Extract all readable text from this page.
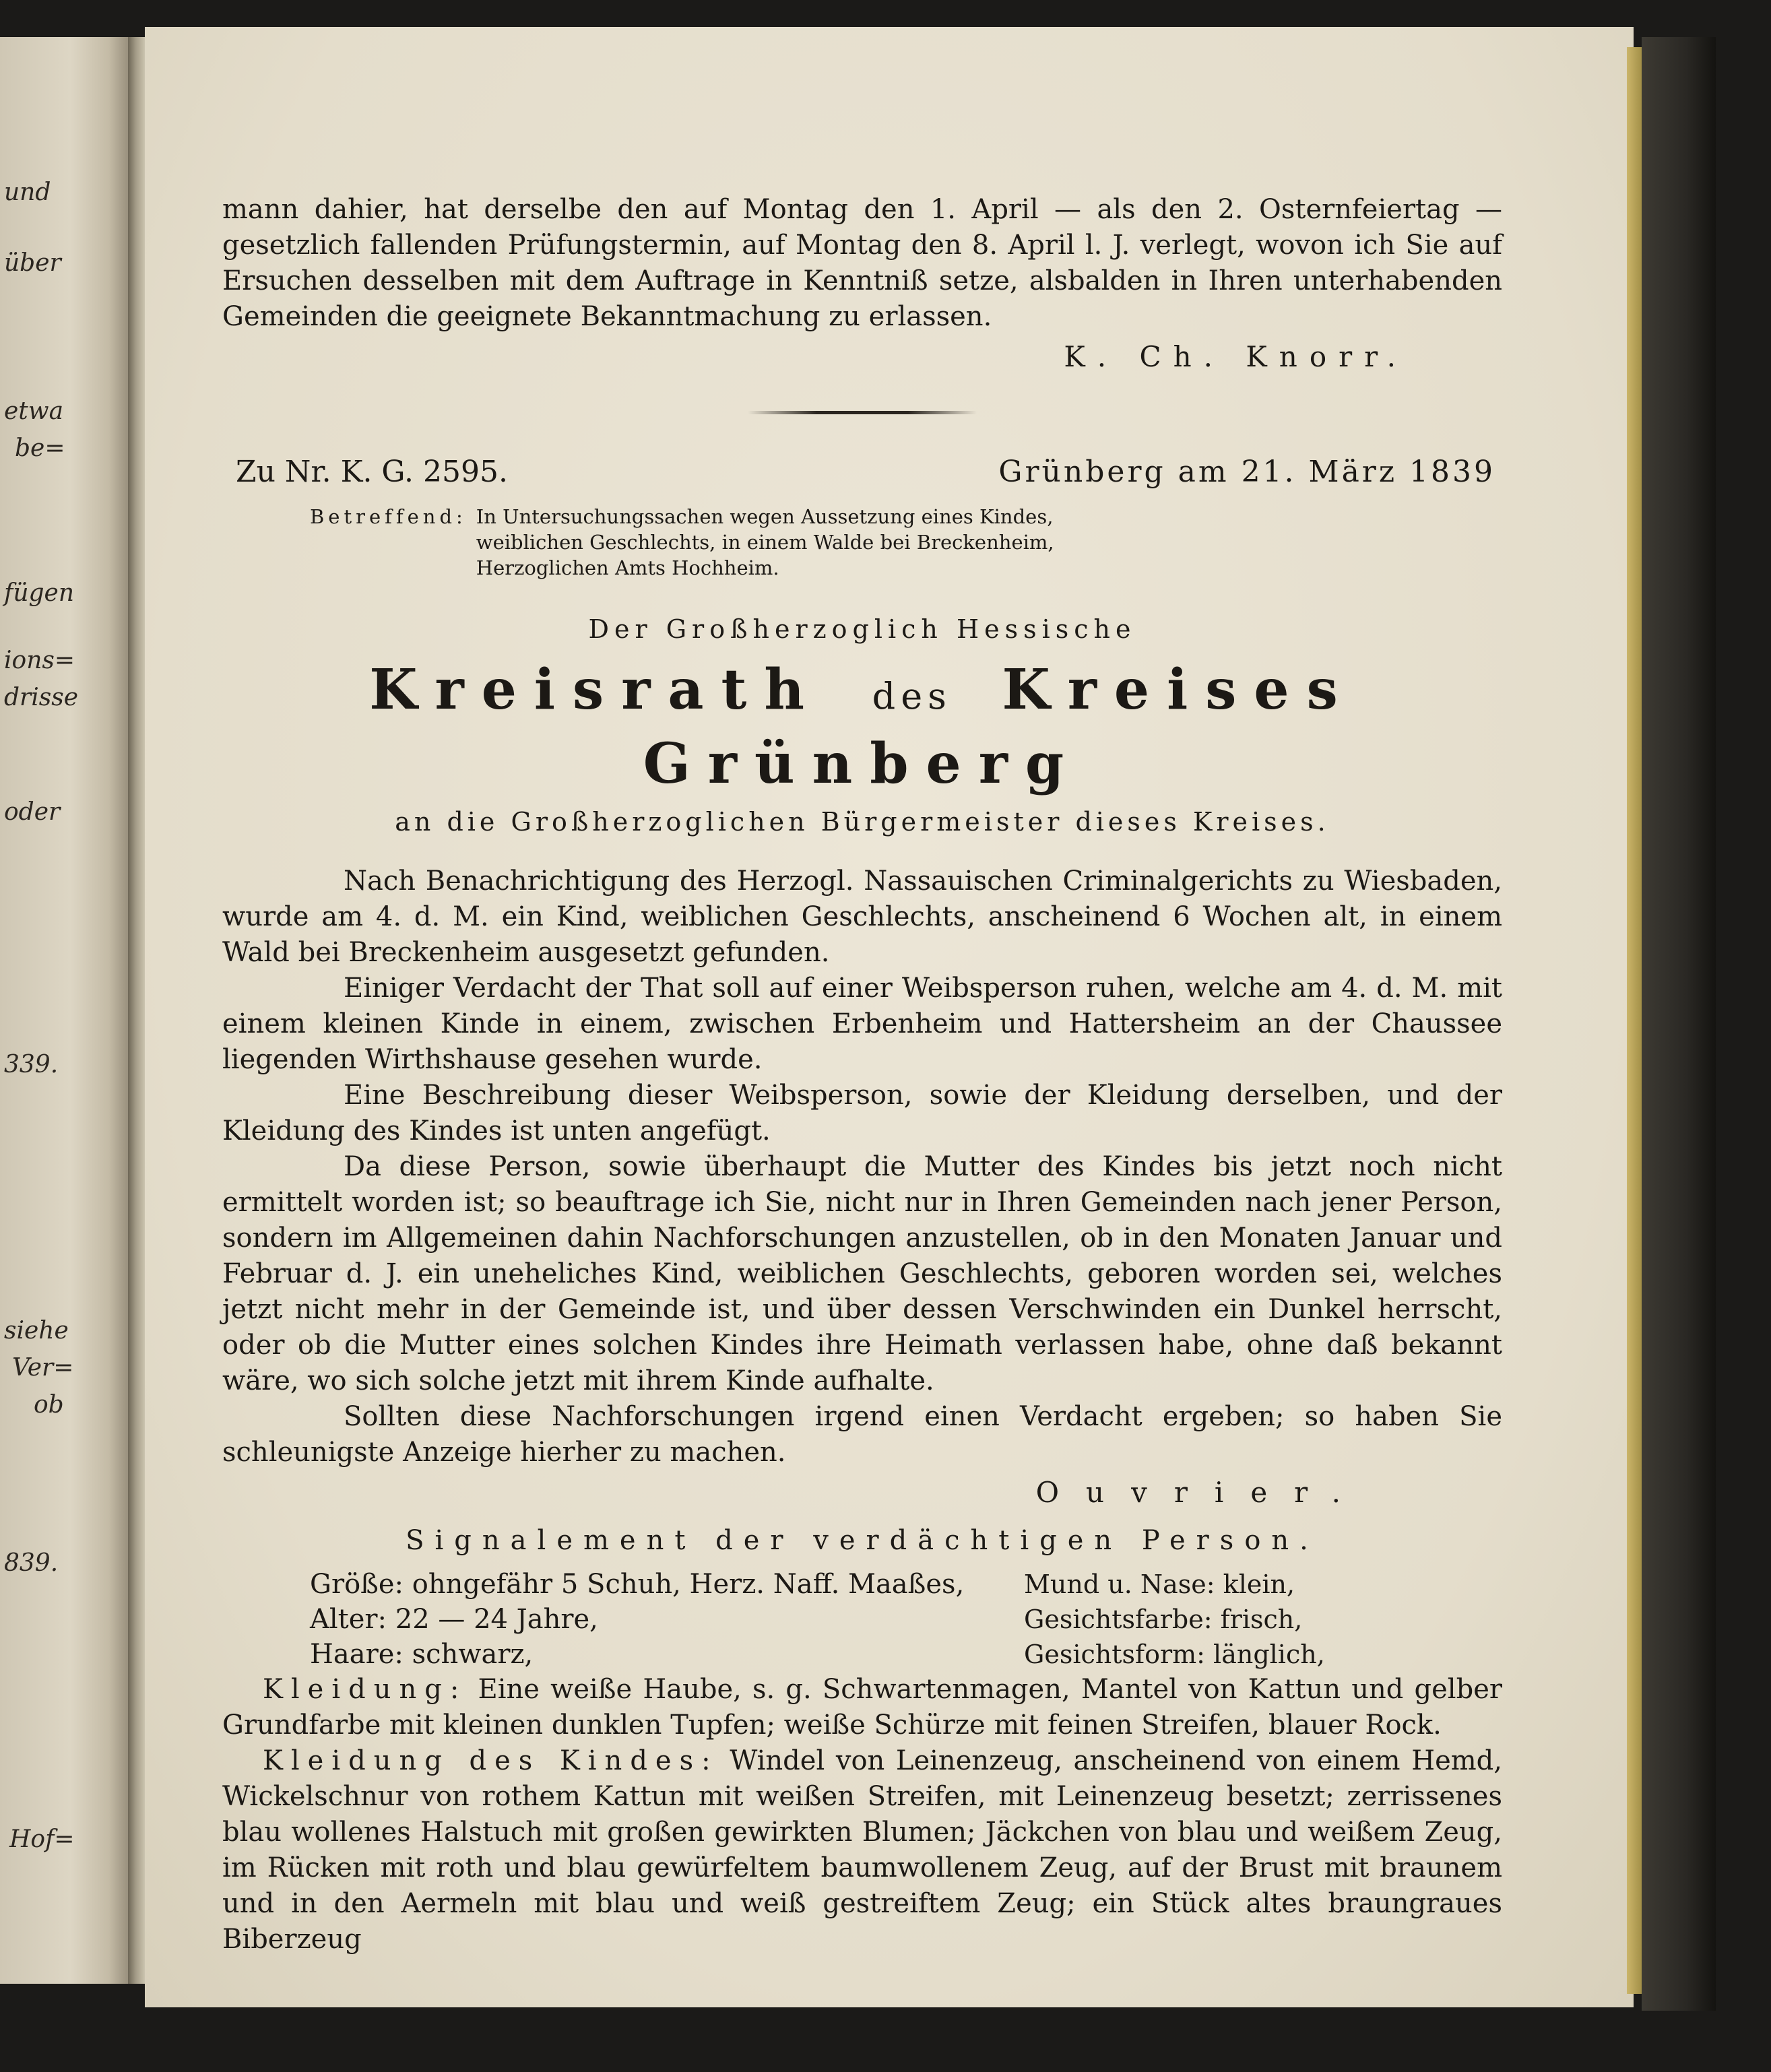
und
über
etwa
be=
fügen
ions=
drisse
oder
339.
siehe
Ver=
ob
839.
Hof=

mann dahier, hat derselbe den auf Montag den 1. April — als den 2. Osternfeiertag — gesetzlich fallenden Prüfungstermin, auf Montag den 8. April l. J. verlegt, wovon ich Sie auf Ersuchen desselben mit dem Auftrage in Kenntniß setze, alsbalden in Ihren unterhabenden Gemeinden die geeignete Bekanntmachung zu erlassen.

K. Ch. Knorr.
Zu Nr. K. G. 2595.	Grünberg am 21. März 1839
Betreffend: In Untersuchungssachen wegen Aussetzung eines Kindes, weiblichen Geschlechts, in einem Walde bei Breckenheim, Herzoglichen Amts Hochheim.
Der Großherzoglich Hessische
Kreisrath des Kreises Grünberg
an die Großherzoglichen Bürgermeister dieses Kreises.

Nach Benachrichtigung des Herzogl. Nassauischen Criminalgerichts zu Wiesbaden, wurde am 4. d. M. ein Kind, weiblichen Geschlechts, anscheinend 6 Wochen alt, in einem Wald bei Breckenheim ausgesetzt gefunden.

Einiger Verdacht der That soll auf einer Weibsperson ruhen, welche am 4. d. M. mit einem kleinen Kinde in einem, zwischen Erbenheim und Hattersheim an der Chaussee liegenden Wirthshause gesehen wurde.

Eine Beschreibung dieser Weibsperson, sowie der Kleidung derselben, und der Kleidung des Kindes ist unten angefügt.

Da diese Person, sowie überhaupt die Mutter des Kindes bis jetzt noch nicht ermittelt worden ist; so beauftrage ich Sie, nicht nur in Ihren Gemeinden nach jener Person, sondern im Allgemeinen dahin Nachforschungen anzustellen, ob in den Monaten Januar und Februar d. J. ein uneheliches Kind, weiblichen Geschlechts, geboren worden sei, welches jetzt nicht mehr in der Gemeinde ist, und über dessen Verschwinden ein Dunkel herrscht, oder ob die Mutter eines solchen Kindes ihre Heimath verlassen habe, ohne daß bekannt wäre, wo sich solche jetzt mit ihrem Kinde aufhalte.

Sollten diese Nachforschungen irgend einen Verdacht ergeben; so haben Sie schleunigste Anzeige hierher zu machen.

Ouvrier.
Signalement der verdächtigen Person.
Größe: ohngefähr 5 Schuh, Herz. Naff. Maaßes,	Mund u. Nase: klein,
Alter: 22 — 24 Jahre,	Gesichtsfarbe: frisch,
Haare: schwarz,	Gesichtsform: länglich,

Kleidung: Eine weiße Haube, s. g. Schwartenmagen, Mantel von Kattun und gelber Grundfarbe mit kleinen dunklen Tupfen; weiße Schürze mit feinen Streifen, blauer Rock.

Kleidung des Kindes: Windel von Leinenzeug, anscheinend von einem Hemd, Wickelschnur von rothem Kattun mit weißen Streifen, mit Leinenzeug besetzt; zerrissenes blau wollenes Halstuch mit großen gewirkten Blumen; Jäckchen von blau und weißem Zeug, im Rücken mit roth und blau gewürfeltem baumwollenem Zeug, auf der Brust mit braunem und in den Aermeln mit blau und weiß gestreiftem Zeug; ein Stück altes braungraues Biberzeug
